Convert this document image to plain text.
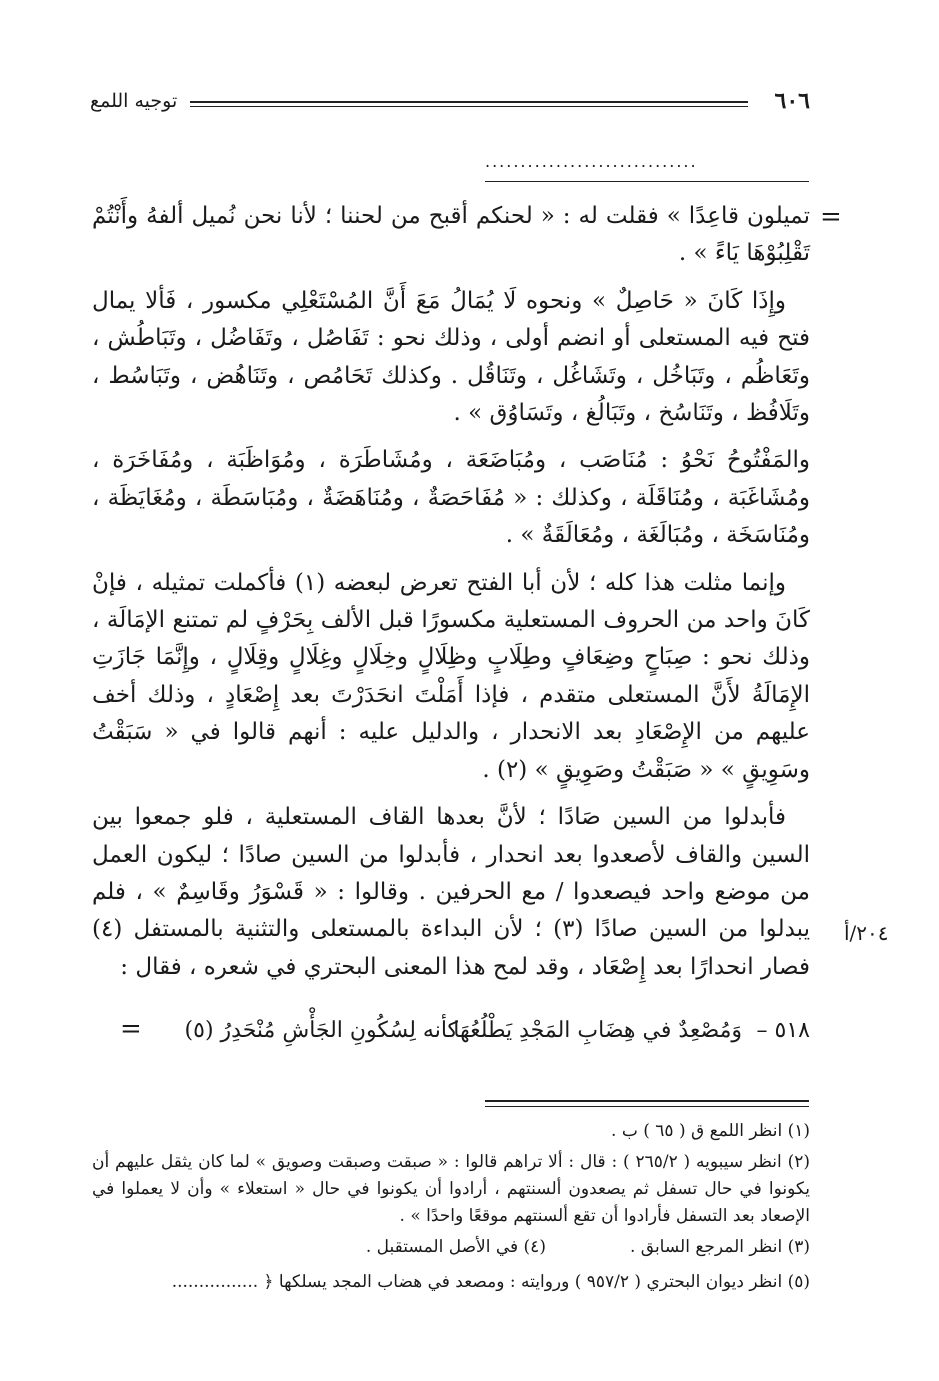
٦٠٦
توجيه اللمع
..............................
=
٢٠٤/أ

تميلون قاعِدًا » فقلت له : « لحنكم أقبح من لحننا ؛ لأنا نحن نُميل ألفهُ وأَنْتُمْ تَقْلِبُوْهَا يَاءً » .

وإِذَا كَانَ « حَاصِلٌ » ونحوه لَا يُمَالُ مَعَ أَنَّ المُسْتَعْلِي مكسور ، فَألا يمال فتح فيه المستعلى أو انضم أولى ، وذلك نحو : تَفَاصُل ، وتَفَاضُل ، وتَبَاطُش ، وتَعَاظُم ، وتَبَاخُل ، وتَشَاغُل ، وتَنَاقُل . وكذلك تَحَامُص ، وتَنَاهُض ، وتَبَاسُط ، وتَلَافُظ ، وتَنَاسُخ ، وتَبَالُغ ، وتَسَاوُق » .

والمَفْتُوحُ نَحْوُ : مُنَاصَب ، ومُبَاضَعَة ، ومُشَاطَرَة ، ومُوَاظَبَة ، ومُفَاخَرَة ، ومُشَاغَبَة ، ومُنَاقَلَة ، وكذلك : « مُفَاحَصَةٌ ، ومُنَاهَضَةٌ ، ومُبَاسَطَة ، ومُغَايَظَة ، ومُنَاسَخَة ، ومُبَالَغَة ، ومُعَالَقَةٌ » .

وإنما مثلت هذا كله ؛ لأن أبا الفتح تعرض لبعضه (١) فأكملت تمثيله ، فإنْ كَانَ واحد من الحروف المستعلية مكسورًا قبل الألف بِحَرْفٍ لم تمتنع الإمَالَة ، وذلك نحو : صِبَاحٍ وضِعَافٍ وطِلَابٍ وظِلَالٍ وخِلَالٍ وغِلَالٍ وقِلَالٍ ، وإِنَّمَا جَازَتِ الإِمَالَةُ لأَنَّ المستعلى متقدم ، فإذا أَمَلْتَ انحَدَرْتَ بعد إِصْعَادٍ ، وذلك أخف عليهم من الإِصْعَادِ بعد الانحدار ، والدليل عليه : أنهم قالوا في « سَبَقْتُ وسَوِيقٍ » « صَبَقْتُ وصَوِيقٍ » (٢) .

فأبدلوا من السين صَادًا ؛ لأنَّ بعدها القاف المستعلية ، فلو جمعوا بين السين والقاف لأصعدوا بعد انحدار ، فأبدلوا من السين صادًا ؛ ليكون العمل من موضع واحد فيصعدوا / مع الحرفين . وقالوا : « قَسْوَرُ وقَاسِمٌ » ، فلم يبدلوا من السين صادًا (٣) ؛ لأن البداءة بالمستعلى والتثنية بالمستفل (٤) فصار انحدارًا بعد إِصْعَاد ، وقد لمح هذا المعنى البحتري في شعره ، فقال :

٥١٨ –
وَمُصْعِدٌ في هِضَابِ المَجْدِ يَطْلُعُهَا
كأنه لِسُكُونِ الجَأْشِ مُنْحَدِرُ (٥)
=

(١) انظر اللمع ق ( ٦٥ ) ب .

(٢) انظر سيبويه ( ٢٦٥/٢ ) : قال : ألا تراهم قالوا : « صبقت وصبقت وصويق » لما كان يثقل عليهم أن يكونوا في حال تسفل ثم يصعدون ألسنتهم ، أرادوا أن يكونوا في حال « استعلاء » وأن لا يعملوا في الإصعاد بعد التسفل فأرادوا أن تقع ألسنتهم موقعًا واحدًا » .

(٣) انظر المرجع السابق .
(٤) في الأصل المستقبل .

(٥) انظر ديوان البحتري ( ٩٥٧/٢ ) وروايته : ومصعد في هضاب المجد يسلكها ﴿ ................
